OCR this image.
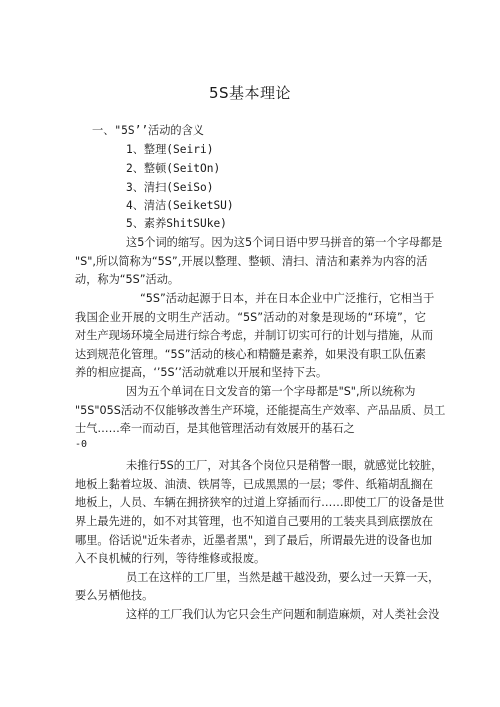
5S基本理论
一、"5S’’活动的含义
1、整理(Seiri)
2、整顿(SeitOn)
3、清扫(SeiSo)
4、清洁(SeiketSU)
5、素养ShitSUke)
这5个词的缩写。因为这5个词日语中罗马拼音的第一个字母都是
"S",所以简称为“5S”,开展以整理、整顿、清扫、清洁和素养为内容的活
动，称为“5S”活动。
“5S”活动起源于日本，并在日本企业中广泛推行，它相当于
我国企业开展的文明生产活动。“5S”活动的对象是现场的“环境”，它
对生产现场环境全局进行综合考虑，并制订切实可行的计划与措施，从而
达到规范化管理。“5S”活动的核心和精髓是素养，如果没有职工队伍素
养的相应提高，‘’5S’’活动就难以开展和坚持下去。
因为五个单词在日文发音的第一个字母都是"S",所以统称为
"5S"05S活动不仅能够改善生产环境，还能提高生产效率、产品品质、员工
士气……牵一而动百，是其他管理活动有效展开的基石之
-0
未推行5S的工厂，对其各个岗位只是稍瞥一眼，就感觉比较脏，
地板上黏着垃圾、油渍、铁屑等，已成黑黑的一层；零件、纸箱胡乱搁在
地板上，人员、车辆在拥挤狭窄的过道上穿插而行……即使工厂的设备是世
界上最先进的，如不对其管理，也不知道自己要用的工装夹具到底摆放在
哪里。俗话说"近朱者赤，近墨者黑"，到了最后，所谓最先进的设备也加
入不良机械的行列，等待维修或报废。
员工在这样的工厂里，当然是越干越没劲，要么过一天算一天，
要么另栖他技。
这样的工厂我们认为它只会生产问题和制造麻烦，对人类社会没
